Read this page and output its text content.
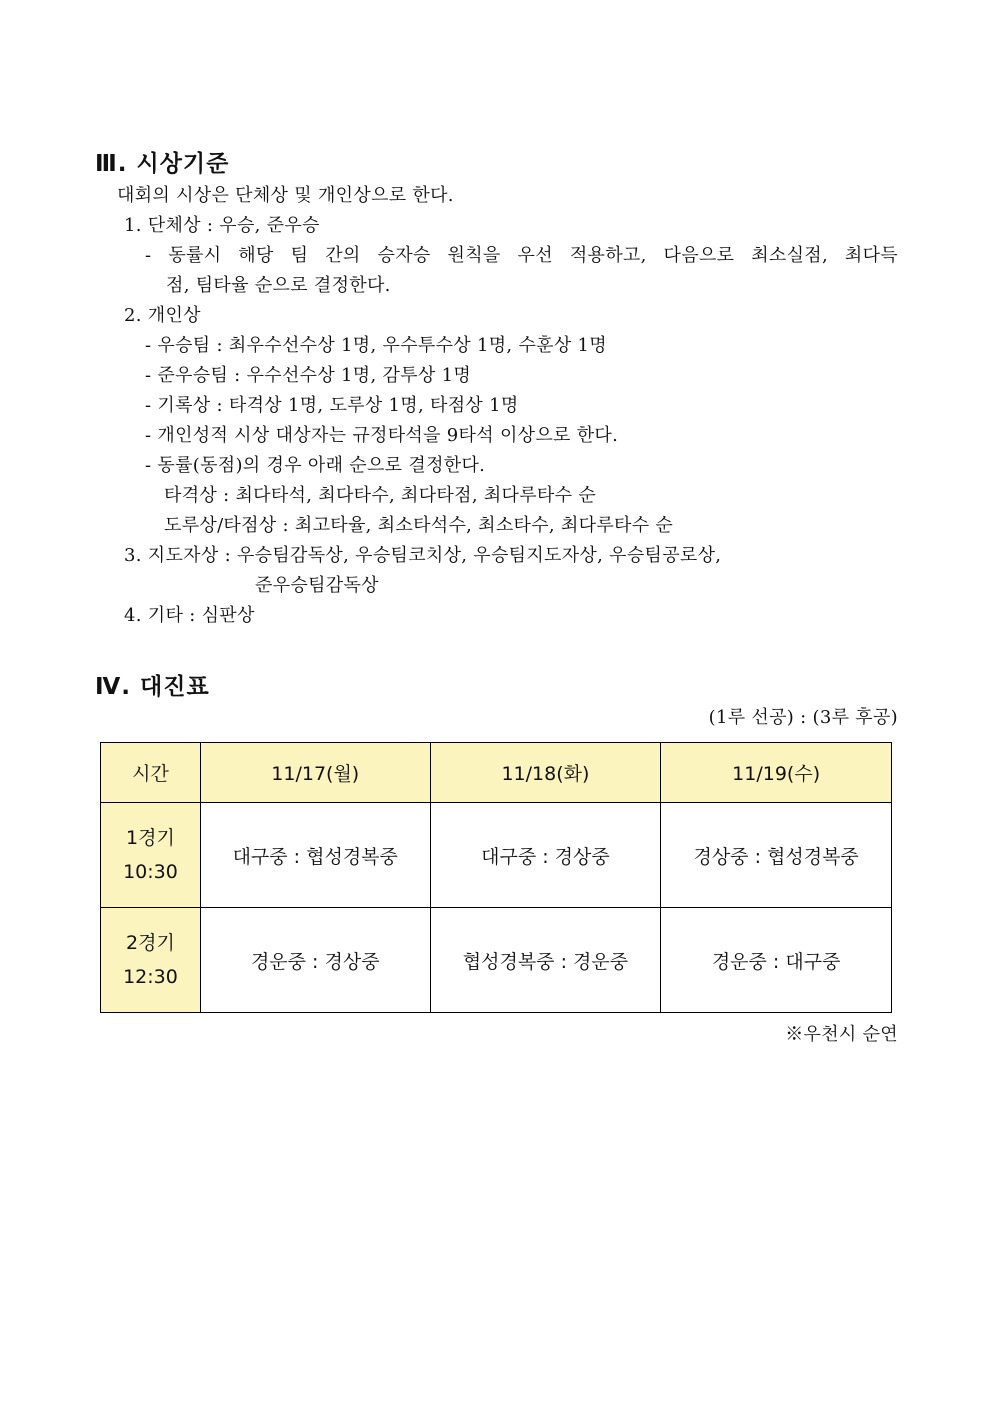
Ⅲ. 시상기준
대회의 시상은 단체상 및 개인상으로 한다.
1. 단체상 : 우승, 준우승
- 동률시 해당 팀 간의 승자승 원칙을 우선 적용하고, 다음으로 최소실점, 최다득
점, 팀타율 순으로 결정한다.
2. 개인상
- 우승팀 : 최우수선수상 1명, 우수투수상 1명, 수훈상 1명
- 준우승팀 : 우수선수상 1명, 감투상 1명
- 기록상 : 타격상 1명, 도루상 1명, 타점상 1명
- 개인성적 시상 대상자는 규정타석을 9타석 이상으로 한다.
- 동률(동점)의 경우 아래 순으로 결정한다.
타격상 : 최다타석, 최다타수, 최다타점, 최다루타수 순
도루상/타점상 : 최고타율, 최소타석수, 최소타수, 최다루타수 순
3. 지도자상 : 우승팀감독상, 우승팀코치상, 우승팀지도자상, 우승팀공로상,
준우승팀감독상
4. 기타 : 심판상
Ⅳ. 대진표
(1루 선공) : (3루 후공)
시간	11/17(월)	11/18(화)	11/19(수)

1경기
10:30	대구중 : 협성경복중	대구중 : 경상중	경상중 : 협성경복중

2경기
12:30	경운중 : 경상중	협성경복중 : 경운중	경운중 : 대구중
※우천시 순연
